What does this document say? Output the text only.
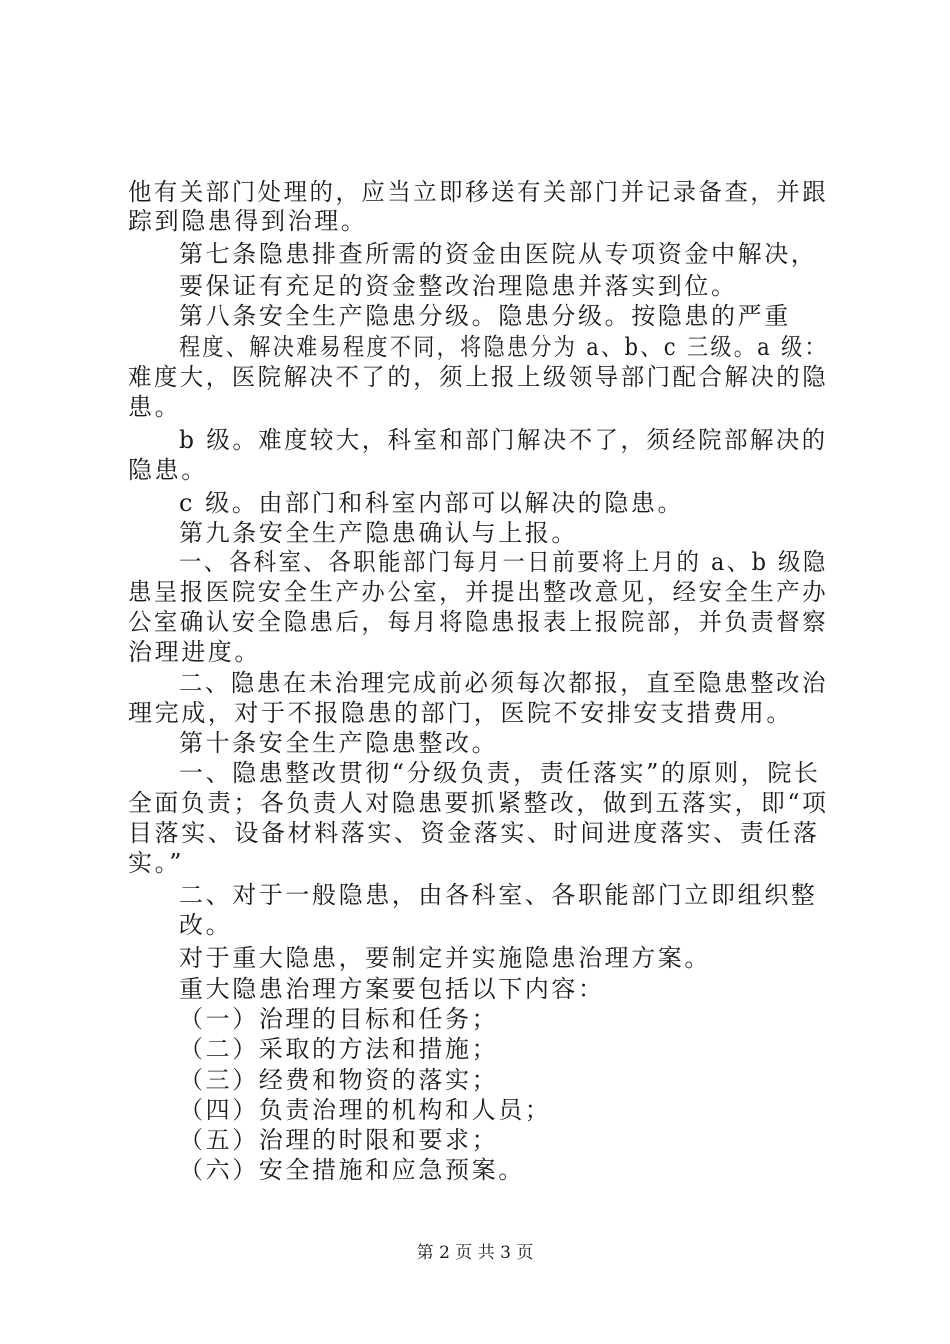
他有关部门处理的，应当立即移送有关部门并记录备查，并跟
踪到隐患得到治理。
第七条隐患排查所需的资金由医院从专项资金中解决，
要保证有充足的资金整改治理隐患并落实到位。
第八条安全生产隐患分级。隐患分级。按隐患的严重
程度、解决难易程度不同，将隐患分为 a、b、c 三级。a 级：
难度大，医院解决不了的，须上报上级领导部门配合解决的隐
患。
b 级。难度较大，科室和部门解决不了，须经院部解决的
隐患。
c 级。由部门和科室内部可以解决的隐患。
第九条安全生产隐患确认与上报。
一、各科室、各职能部门每月一日前要将上月的 a、b 级隐
患呈报医院安全生产办公室，并提出整改意见，经安全生产办
公室确认安全隐患后，每月将隐患报表上报院部，并负责督察
治理进度。
二、隐患在未治理完成前必须每次都报，直至隐患整改治
理完成，对于不报隐患的部门，医院不安排安支措费用。
第十条安全生产隐患整改。
一、隐患整改贯彻“分级负责，责任落实”的原则，院长
全面负责；各负责人对隐患要抓紧整改，做到五落实，即“项
目落实、设备材料落实、资金落实、时间进度落实、责任落
实。”
二、对于一般隐患，由各科室、各职能部门立即组织整
改。
对于重大隐患，要制定并实施隐患治理方案。
重大隐患治理方案要包括以下内容：
（一）治理的目标和任务；
（二）采取的方法和措施；
（三）经费和物资的落实；
（四）负责治理的机构和人员；
（五）治理的时限和要求；
（六）安全措施和应急预案。
第 2 页 共 3 页
